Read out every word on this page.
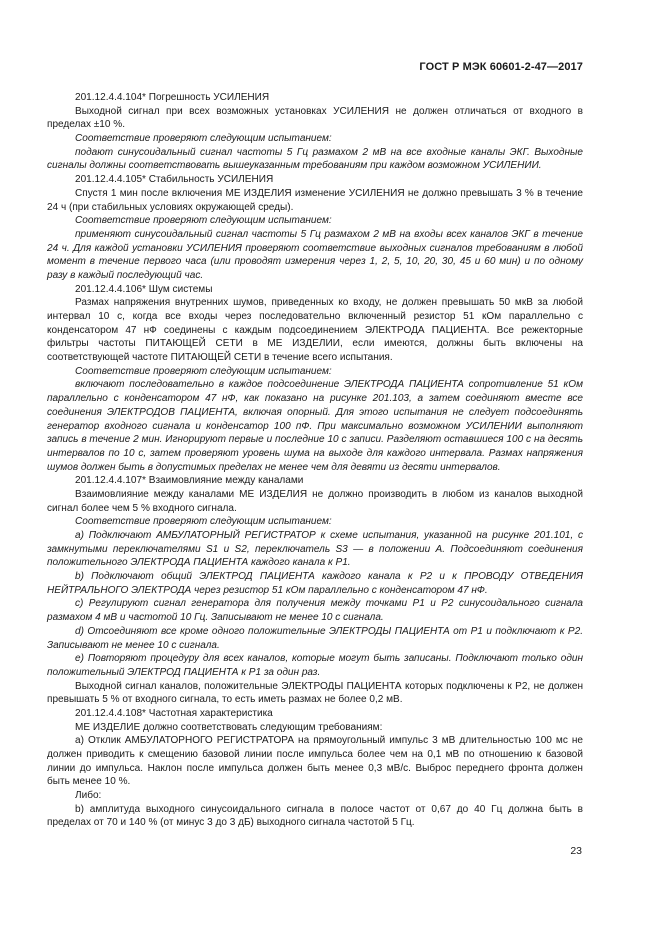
ГОСТ Р МЭК 60601-2-47—2017

201.12.4.4.104* Погрешность УСИЛЕНИЯ

Выходной сигнал при всех возможных установках УСИЛЕНИЯ не должен отличаться от входного в пределах ±10 %.

Соответствие проверяют следующим испытанием:

подают синусоидальный сигнал частоты 5 Гц размахом 2 мВ на все входные каналы ЭКГ. Выходные сигналы должны соответствовать вышеуказанным требованиям при каждом возможном УСИЛЕНИИ.

201.12.4.4.105* Стабильность УСИЛЕНИЯ

Спустя 1 мин после включения МЕ ИЗДЕЛИЯ изменение УСИЛЕНИЯ не должно превышать 3 % в течение 24 ч (при стабильных условиях окружающей среды).

Соответствие проверяют следующим испытанием:

применяют синусоидальный сигнал частоты 5 Гц размахом 2 мВ на входы всех каналов ЭКГ в течение 24 ч. Для каждой установки УСИЛЕНИЯ проверяют соответствие выходных сигналов требованиям в любой момент в течение первого часа (или проводят измерения через 1, 2, 5, 10, 20, 30, 45 и 60 мин) и по одному разу в каждый последующий час.

201.12.4.4.106* Шум системы

Размах напряжения внутренних шумов, приведенных ко входу, не должен превышать 50 мкВ за любой интервал 10 с, когда все входы через последовательно включенный резистор 51 кОм параллельно с конденсатором 47 нФ соединены с каждым подсоединением ЭЛЕКТРОДА ПАЦИЕНТА. Все режекторные фильтры частоты ПИТАЮЩЕЙ СЕТИ в МЕ ИЗДЕЛИИ, если имеются, должны быть включены на соответствующей частоте ПИТАЮЩЕЙ СЕТИ в течение всего испытания.

Соответствие проверяют следующим испытанием:

включают последовательно в каждое подсоединение ЭЛЕКТРОДА ПАЦИЕНТА сопротивление 51 кОм параллельно с конденсатором 47 нФ, как показано на рисунке 201.103, а затем соединяют вместе все соединения ЭЛЕКТРОДОВ ПАЦИЕНТА, включая опорный. Для этого испытания не следует подсоединять генератор входного сигнала и конденсатор 100 пФ. При максимально возможном УСИЛЕНИИ выполняют запись в течение 2 мин. Игнорируют первые и последние 10 с записи. Разделяют оставшиеся 100 с на десять интервалов по 10 с, затем проверяют уровень шума на выходе для каждого интервала. Размах напряжения шумов должен быть в допустимых пределах не менее чем для девяти из десяти интервалов.

201.12.4.4.107* Взаимовлияние между каналами

Взаимовлияние между каналами МЕ ИЗДЕЛИЯ не должно производить в любом из каналов выходной сигнал более чем 5 % входного сигнала.

Соответствие проверяют следующим испытанием:

a) Подключают АМБУЛАТОРНЫЙ РЕГИСТРАТОР к схеме испытания, указанной на рисунке 201.101, с замкнутыми переключателями S1 и S2, переключатель S3 — в положении А. Подсоединяют соединения положительного ЭЛЕКТРОДА ПАЦИЕНТА каждого канала к Р1.

b) Подключают общий ЭЛЕКТРОД ПАЦИЕНТА каждого канала к Р2 и к ПРОВОДУ ОТВЕДЕНИЯ НЕЙТРАЛЬНОГО ЭЛЕКТРОДА через резистор 51 кОм параллельно с конденсатором 47 нФ.

c) Регулируют сигнал генератора для получения между точками Р1 и Р2 синусоидального сигнала размахом 4 мВ и частотой 10 Гц. Записывают не менее 10 с сигнала.

d) Отсоединяют все кроме одного положительные ЭЛЕКТРОДЫ ПАЦИЕНТА от Р1 и подключают к Р2. Записывают не менее 10 с сигнала.

e) Повторяют процедуру для всех каналов, которые могут быть записаны. Подключают только один положительный ЭЛЕКТРОД ПАЦИЕНТА к Р1 за один раз.

Выходной сигнал каналов, положительные ЭЛЕКТРОДЫ ПАЦИЕНТА которых подключены к Р2, не должен превышать 5 % от входного сигнала, то есть иметь размах не более 0,2 мВ.

201.12.4.4.108* Частотная характеристика

МЕ ИЗДЕЛИЕ должно соответствовать следующим требованиям:

a) Отклик АМБУЛАТОРНОГО РЕГИСТРАТОРА на прямоугольный импульс 3 мВ длительностью 100 мс не должен приводить к смещению базовой линии после импульса более чем на 0,1 мВ по отношению к базовой линии до импульса. Наклон после импульса должен быть менее 0,3 мВ/с. Выброс переднего фронта должен быть менее 10 %.

Либо:

b) амплитуда выходного синусоидального сигнала в полосе частот от 0,67 до 40 Гц должна быть в пределах от 70 и 140 % (от минус 3 до 3 дБ) выходного сигнала частотой 5 Гц.

23
